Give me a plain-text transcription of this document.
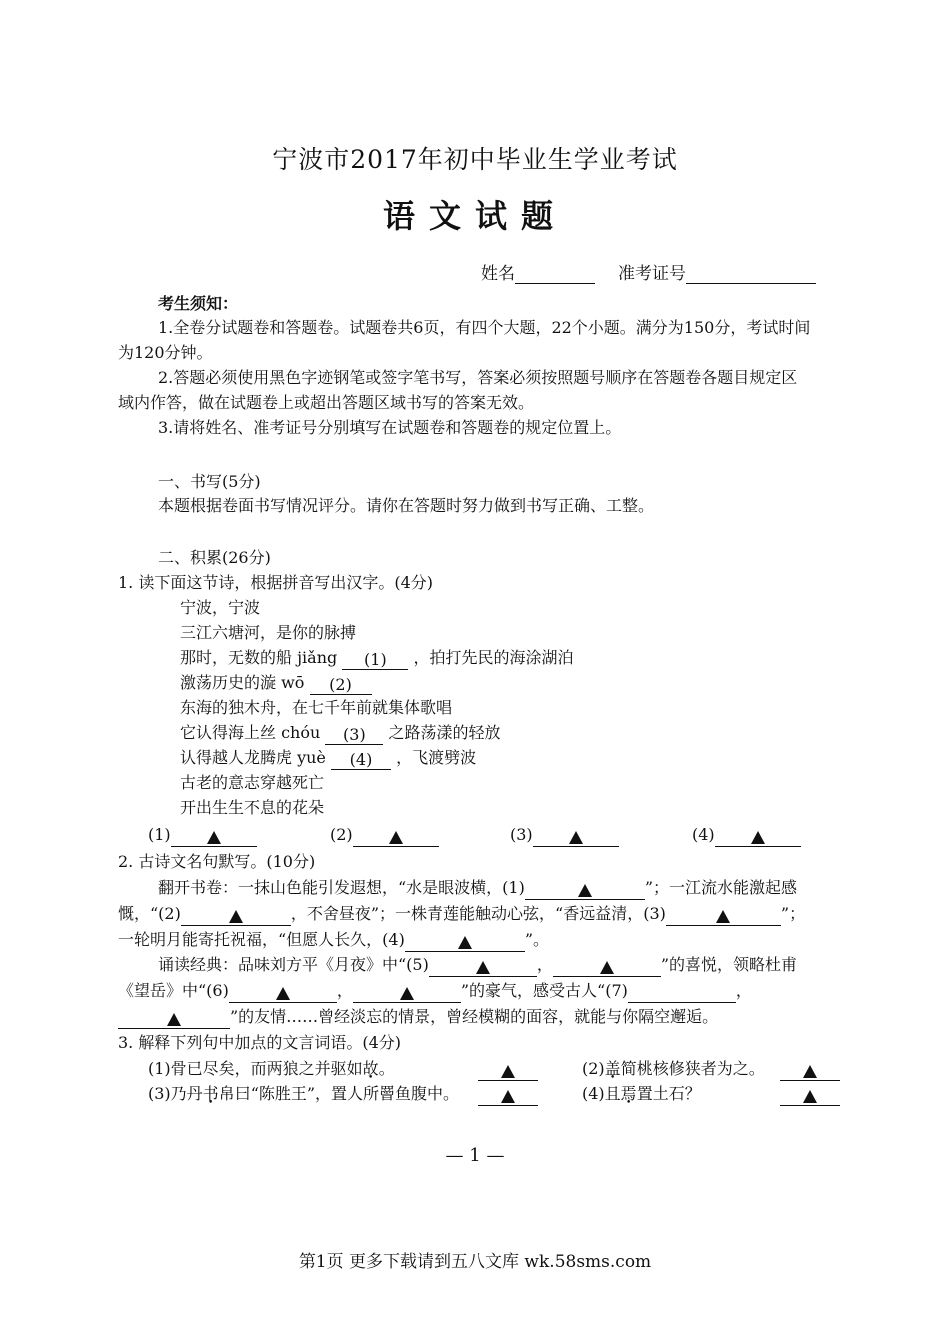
宁波市2017年初中毕业生学业考试
语文试题
姓名	准考证号
考生须知：
1.全卷分试题卷和答题卷。试题卷共6页，有四个大题，22个小题。满分为150分，考试时间
为120分钟。
2.答题必须使用黑色字迹钢笔或签字笔书写，答案必须按照题号顺序在答题卷各题目规定区
域内作答，做在试题卷上或超出答题区域书写的答案无效。
3.请将姓名、准考证号分别填写在试题卷和答题卷的规定位置上。
一、书写(5分)
本题根据卷面书写情况评分。请你在答题时努力做到书写正确、工整。
二、积累(26分)
1. 读下面这节诗，根据拼音写出汉字。(4分)
宁波，宁波
三江六塘河，是你的脉搏
那时，无数的船 jiǎng (1) ，拍打先民的海涂湖泊
激荡历史的漩 wō (2)
东海的独木舟，在七千年前就集体歌唱
它认得海上丝 chóu (3) 之路荡漾的轻放
认得越人龙腾虎 yuè (4) ，飞渡劈波
古老的意志穿越死亡
开出生生不息的花朵
(1)	(2)	(3)	(4)
2. 古诗文名句默写。(10分)
翻开书卷：一抹山色能引发遐想，“水是眼波横，(1)	”；一江流水能激起感
慨，“(2)	，不舍昼夜”；一株青莲能触动心弦，“香远益清，(3)	”；
一轮明月能寄托祝福，“但愿人长久，(4)	”。
诵读经典：品味刘方平《月夜》中“(5)	，	”的喜悦，领略杜甫
《望岳》中“(6)	，	”的豪气，感受古人“(7)	，
”的友情……曾经淡忘的情景，曾经模糊的面容，就能与你隔空邂逅。
3. 解释下列句中加点的文言词语。(4分)
(1)骨已尽矣，而两狼之并驱如故。	(2)盖简桃核修狭者为之。
(3)乃丹书帛曰“陈胜王”，置人所罾鱼腹中。	(4)且焉置土石？
— 1 —
第1页 更多下载请到五八文库 wk.58sms.com
